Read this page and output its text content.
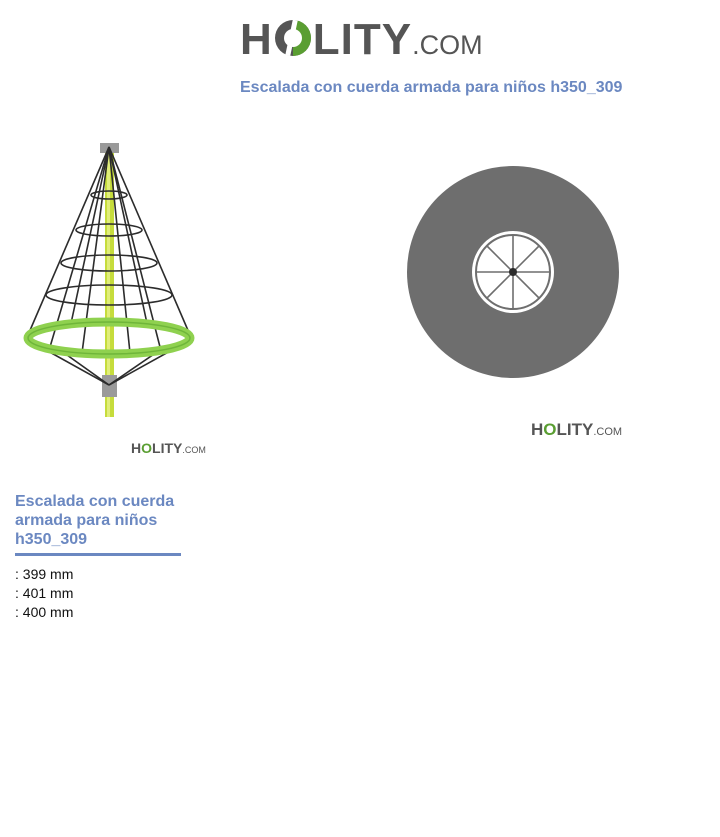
H LITY.COM
Escalada con cuerda armada para niños h350_309
HOLITY.COM
HOLITY.COM
Escalada con cuerda armada para niños h350_309
: 399 mm
: 401 mm
: 400 mm
